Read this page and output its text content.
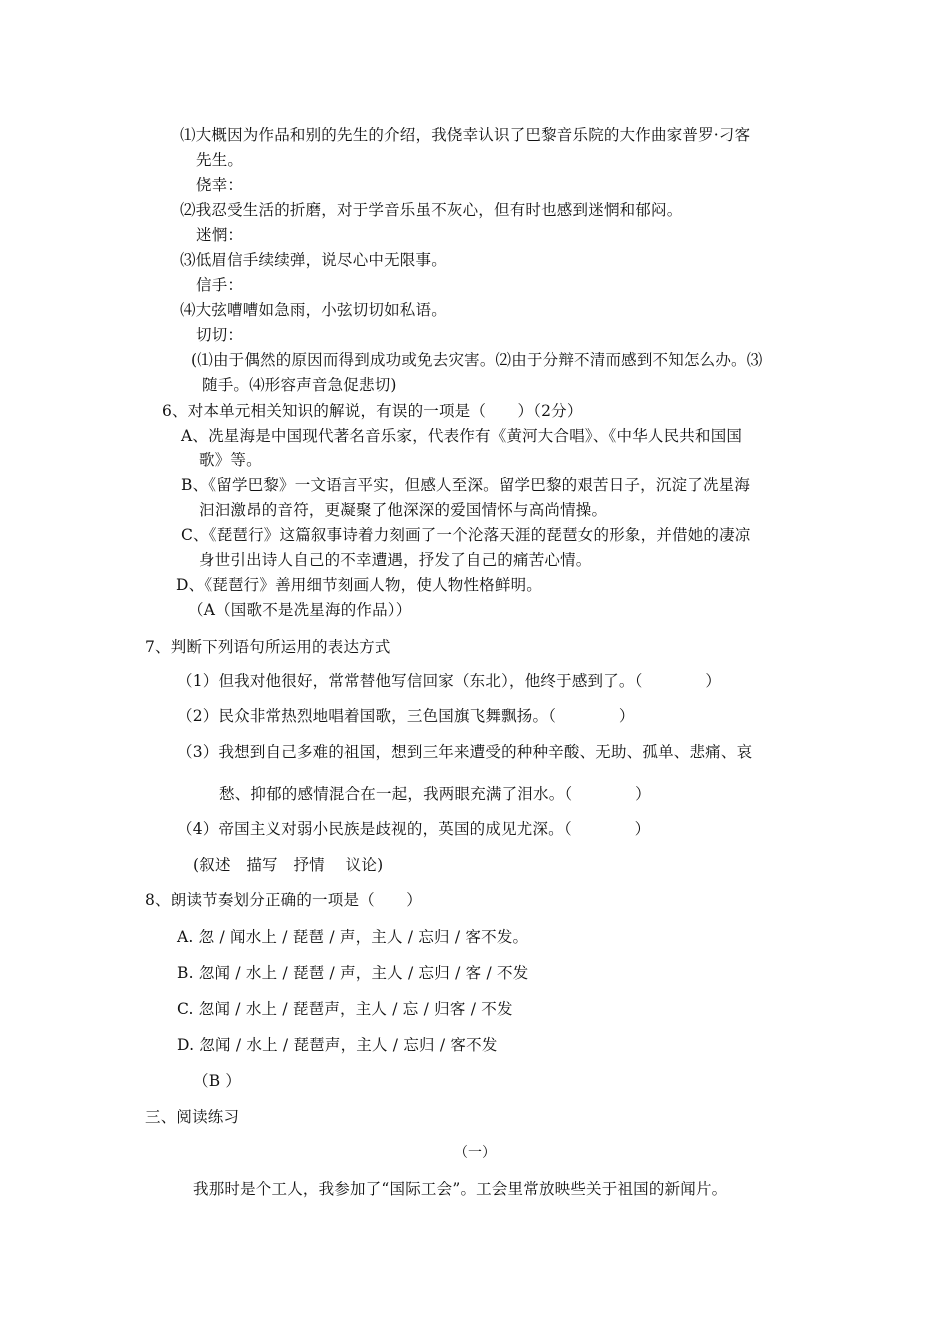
⑴大概因为作品和别的先生的介绍，我侥幸认识了巴黎音乐院的大作曲家普罗·刁客
先生。
侥幸：
⑵我忍受生活的折磨，对于学音乐虽不灰心，但有时也感到迷惘和郁闷。
迷惘：
⑶低眉信手续续弹，说尽心中无限事。
信手：
⑷大弦嘈嘈如急雨，小弦切切如私语。
切切：
(⑴由于偶然的原因而得到成功或免去灾害。⑵由于分辩不清而感到不知怎么办。⑶
随手。⑷形容声音急促悲切)
6、对本单元相关知识的解说，有误的一项是（　　）（2分）
A、冼星海是中国现代著名音乐家，代表作有《黄河大合唱》、《中华人民共和国国
歌》等。
B、《留学巴黎》一文语言平实，但感人至深。留学巴黎的艰苦日子，沉淀了冼星海
汩汩激昂的音符，更凝聚了他深深的爱国情怀与高尚情操。
C、《琵琶行》这篇叙事诗着力刻画了一个沦落天涯的琵琶女的形象，并借她的凄凉
身世引出诗人自己的不幸遭遇，抒发了自己的痛苦心情。
D、《琵琶行》善用细节刻画人物，使人物性格鲜明。
（A（国歌不是冼星海的作品））
7、判断下列语句所运用的表达方式
（1）但我对他很好，常常替他写信回家（东北），他终于感到了。（　　　　）
（2）民众非常热烈地唱着国歌，三色国旗飞舞飘扬。（　　　　）
（3）我想到自己多难的祖国，想到三年来遭受的种种辛酸、无助、孤单、悲痛、哀
愁、抑郁的感情混合在一起，我两眼充满了泪水。（　　　　）
（4）帝国主义对弱小民族是歧视的，英国的成见尤深。（　　　　）
(叙述　描写　抒情　 议论)
8、朗读节奏划分正确的一项是（　　）
A. 忽 / 闻水上 / 琵琶 / 声，主人 / 忘归 / 客不发。
B. 忽闻 / 水上 / 琵琶 / 声，主人 / 忘归 / 客 / 不发
C. 忽闻 / 水上 / 琵琶声，主人 / 忘 / 归客 / 不发
D. 忽闻 / 水上 / 琵琶声，主人 / 忘归 / 客不发
（B ）
三、阅读练习
（一）
我那时是个工人，我参加了“国际工会”。工会里常放映些关于祖国的新闻片。
